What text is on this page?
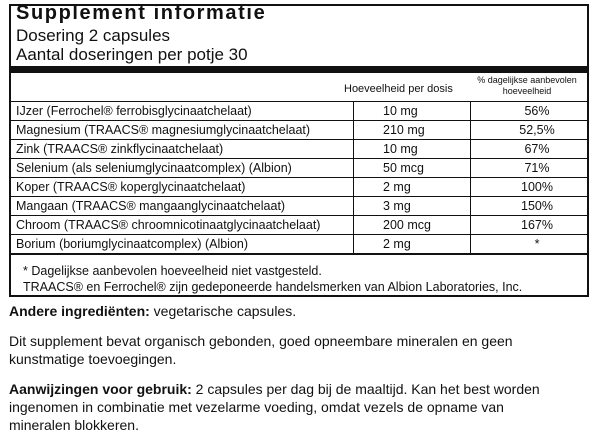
Supplement informatie
Dosering 2 capsules
Aantal doseringen per potje 30
Hoeveelheid per dosis
% dagelijkse aanbevolen
hoeveelheid
IJzer (Ferrochel® ferrobisglycinaatchelaat)	10 mg	56%
Magnesium (TRAACS® magnesiumglycinaatchelaat)	210 mg	52,5%
Zink (TRAACS® zinkflycinaatchelaat)	10 mg	67%
Selenium (als seleniumglycinaatcomplex) (Albion)	50 mcg	71%
Koper (TRAACS® koperglycinaatchelaat)	2 mg	100%
Mangaan (TRAACS® mangaanglycinaatchelaat)	3 mg	150%
Chroom (TRAACS® chroomnicotinaatglycinaatchelaat)	200 mcg	167%
Borium (boriumglycinaatcomplex) (Albion)	2 mg	*
* Dagelijkse aanbevolen hoeveelheid niet vastgesteld.
TRAACS® en Ferrochel® zijn gedeponeerde handelsmerken van Albion Laboratories, Inc.
Andere ingrediënten: vegetarische capsules.
Dit supplement bevat organisch gebonden, goed opneembare mineralen en geen
kunstmatige toevoegingen.
Aanwijzingen voor gebruik: 2 capsules per dag bij de maaltijd. Kan het best worden
ingenomen in combinatie met vezelarme voeding, omdat vezels de opname van
mineralen blokkeren.
